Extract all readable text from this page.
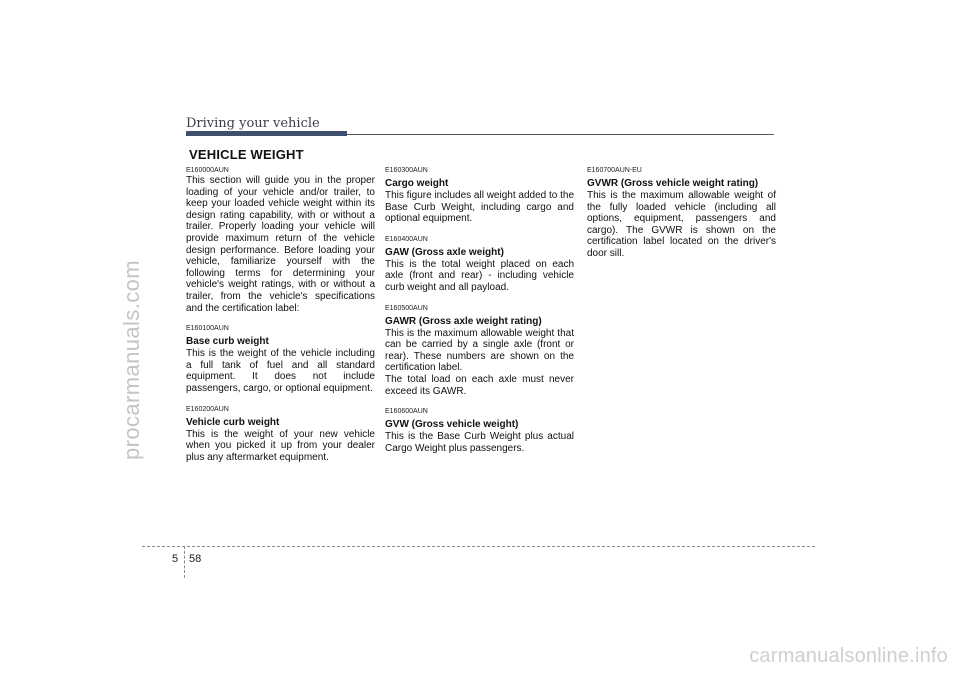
Driving your vehicle
VEHICLE WEIGHT
E160000AUN

This section will guide you in the proper loading of your vehicle and/or trailer, to keep your loaded vehicle weight within its design rating capability, with or without a trailer. Properly loading your vehicle will provide maximum return of the vehicle design performance. Before loading your vehicle, familiarize yourself with the following terms for determining your vehicle's weight ratings, with or without a trailer, from the vehicle's specifications and the certification label:

E160100AUN
Base curb weight

This is the weight of the vehicle including a full tank of fuel and all standard equipment. It does not include passengers, cargo, or optional equipment.

E160200AUN
Vehicle curb weight

This is the weight of your new vehicle when you picked it up from your dealer plus any aftermarket equipment.

E160300AUN
Cargo weight

This figure includes all weight added to the Base Curb Weight, including cargo and optional equipment.

E160400AUN
GAW (Gross axle weight)

This is the total weight placed on each axle (front and rear) - including vehicle curb weight and all payload.

E160500AUN
GAWR (Gross axle weight rating)

This is the maximum allowable weight that can be carried by a single axle (front or rear). These numbers are shown on the certification label.

The total load on each axle must never exceed its GAWR.

E160600AUN
GVW (Gross vehicle weight)

This is the Base Curb Weight plus actual Cargo Weight plus passengers.

E160700AUN-EU
GVWR (Gross vehicle weight rating)

This is the maximum allowable weight of the fully loaded vehicle (including all options, equipment, passengers and cargo). The GVWR is shown on the certification label located on the driver's door sill.

5 58
procarmanuals.com
carmanualsonline.info
